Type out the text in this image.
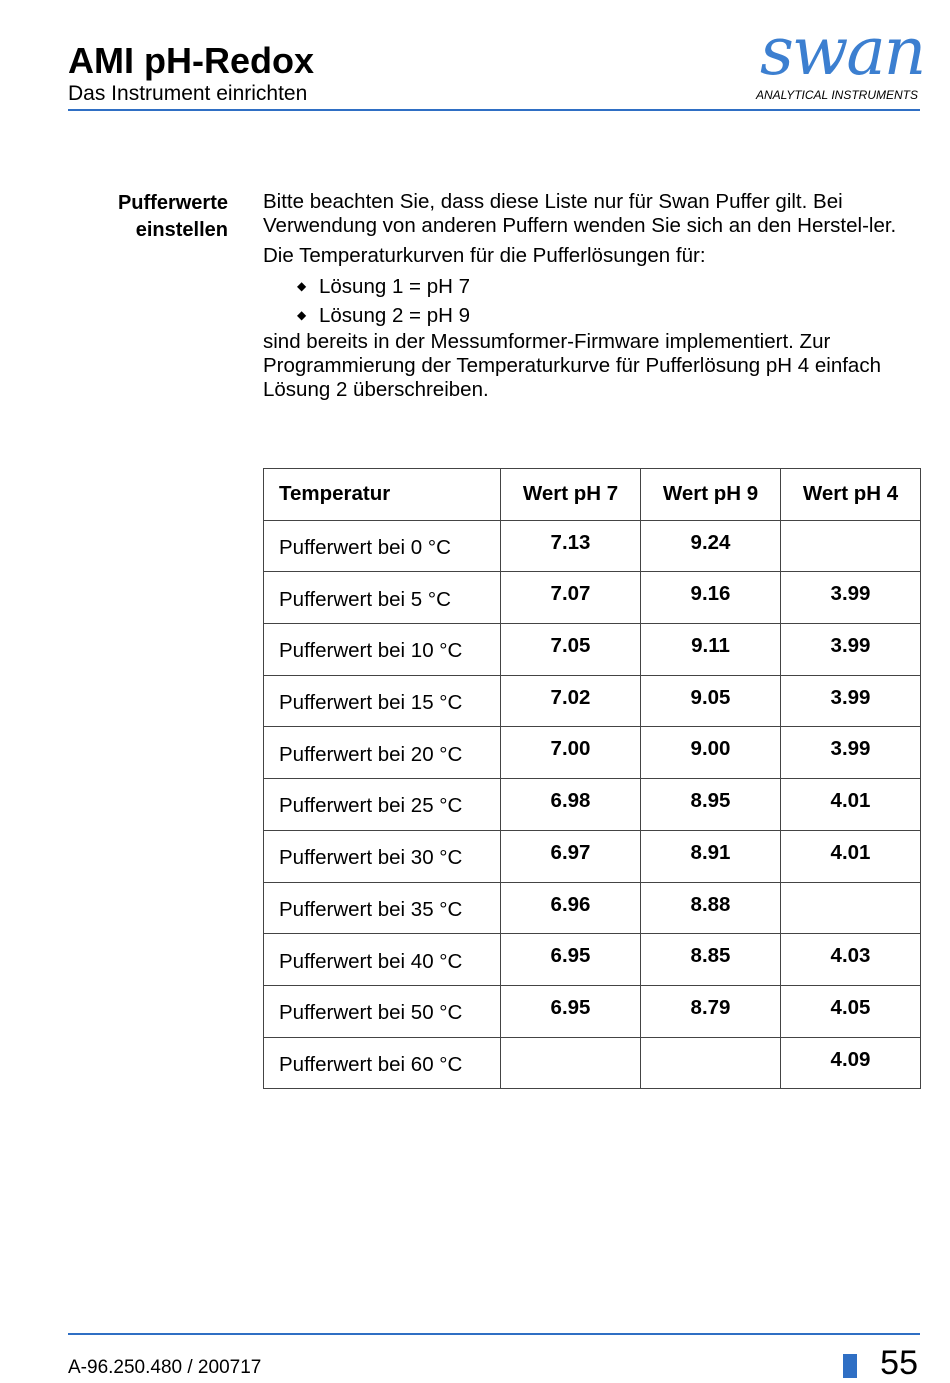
AMI pH-Redox
Das Instrument einrichten
swan
ANALYTICAL INSTRUMENTS
Pufferwerte
einstellen

Bitte beachten Sie, dass diese Liste nur für Swan Puffer gilt. Bei Verwendung von anderen Puffern wenden Sie sich an den Herstel-ler.

Die Temperaturkurven für die Pufferlösungen für:

◆ Lösung 1 = pH 7
◆ Lösung 2 = pH 9

sind bereits in der Messumformer-Firmware implementiert. Zur Programmierung der Temperaturkurve für Pufferlösung pH 4 einfach Lösung 2 überschreiben.

Temperatur	Wert pH 7	Wert pH 9	Wert pH 4
Pufferwert bei 0 °C	7.13	9.24	
Pufferwert bei 5 °C	7.07	9.16	3.99
Pufferwert bei 10 °C	7.05	9.11	3.99
Pufferwert bei 15 °C	7.02	9.05	3.99
Pufferwert bei 20 °C	7.00	9.00	3.99
Pufferwert bei 25 °C	6.98	8.95	4.01
Pufferwert bei 30 °C	6.97	8.91	4.01
Pufferwert bei 35 °C	6.96	8.88	
Pufferwert bei 40 °C	6.95	8.85	4.03
Pufferwert bei 50 °C	6.95	8.79	4.05
Pufferwert bei 60 °C			4.09
A-96.250.480 / 200717	55
